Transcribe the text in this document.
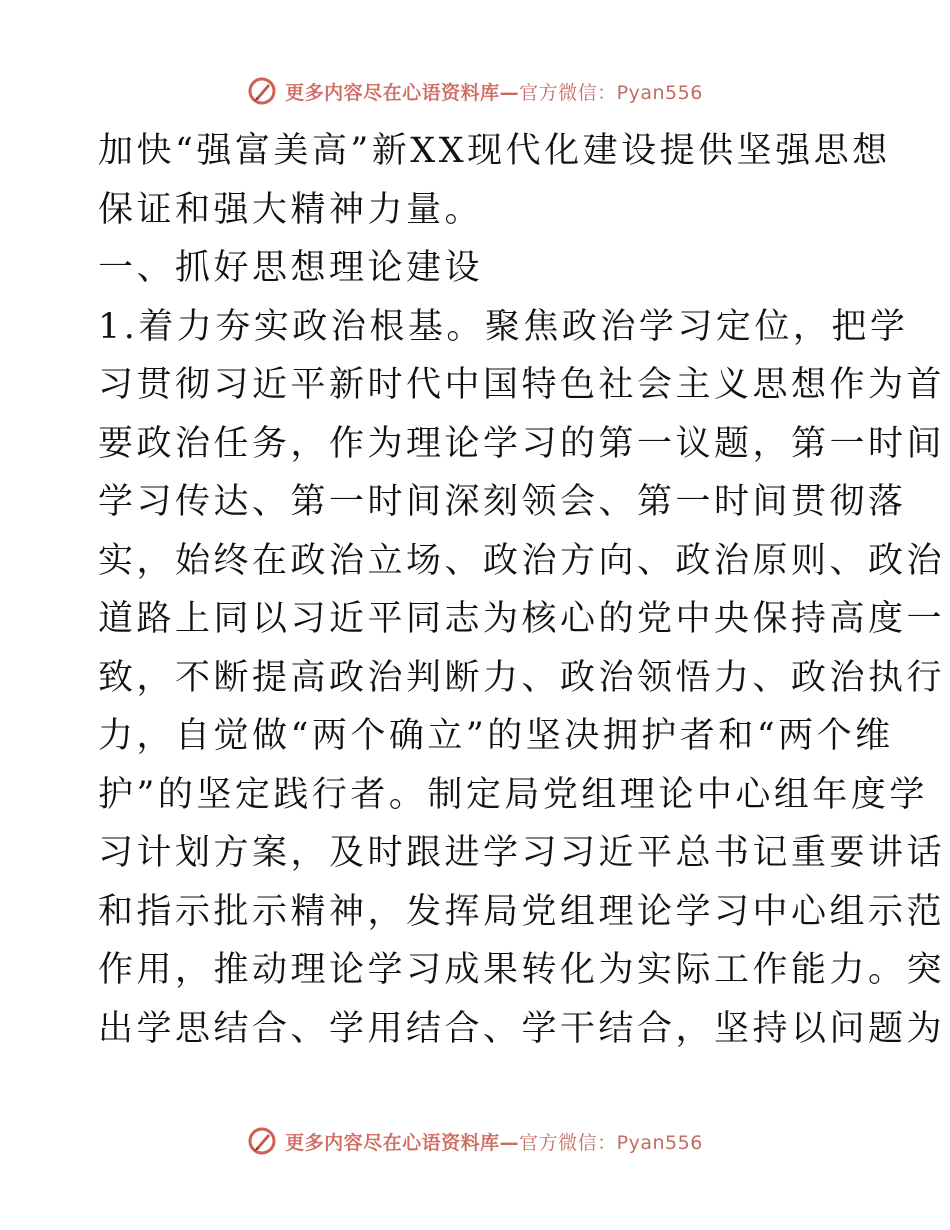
更多内容尽在心语资料库—官方微信：Pyan556
加快“强富美高”新XX现代化建设提供坚强思想
保证和强大精神力量。
一、抓好思想理论建设
1.着力夯实政治根基。聚焦政治学习定位，把学
习贯彻习近平新时代中国特色社会主义思想作为首
要政治任务，作为理论学习的第一议题，第一时间
学习传达、第一时间深刻领会、第一时间贯彻落
实，始终在政治立场、政治方向、政治原则、政治
道路上同以习近平同志为核心的党中央保持高度一
致，不断提高政治判断力、政治领悟力、政治执行
力，自觉做“两个确立”的坚决拥护者和“两个维
护”的坚定践行者。制定局党组理论中心组年度学
习计划方案，及时跟进学习习近平总书记重要讲话
和指示批示精神，发挥局党组理论学习中心组示范
作用，推动理论学习成果转化为实际工作能力。突
出学思结合、学用结合、学干结合，坚持以问题为
更多内容尽在心语资料库—官方微信：Pyan556
